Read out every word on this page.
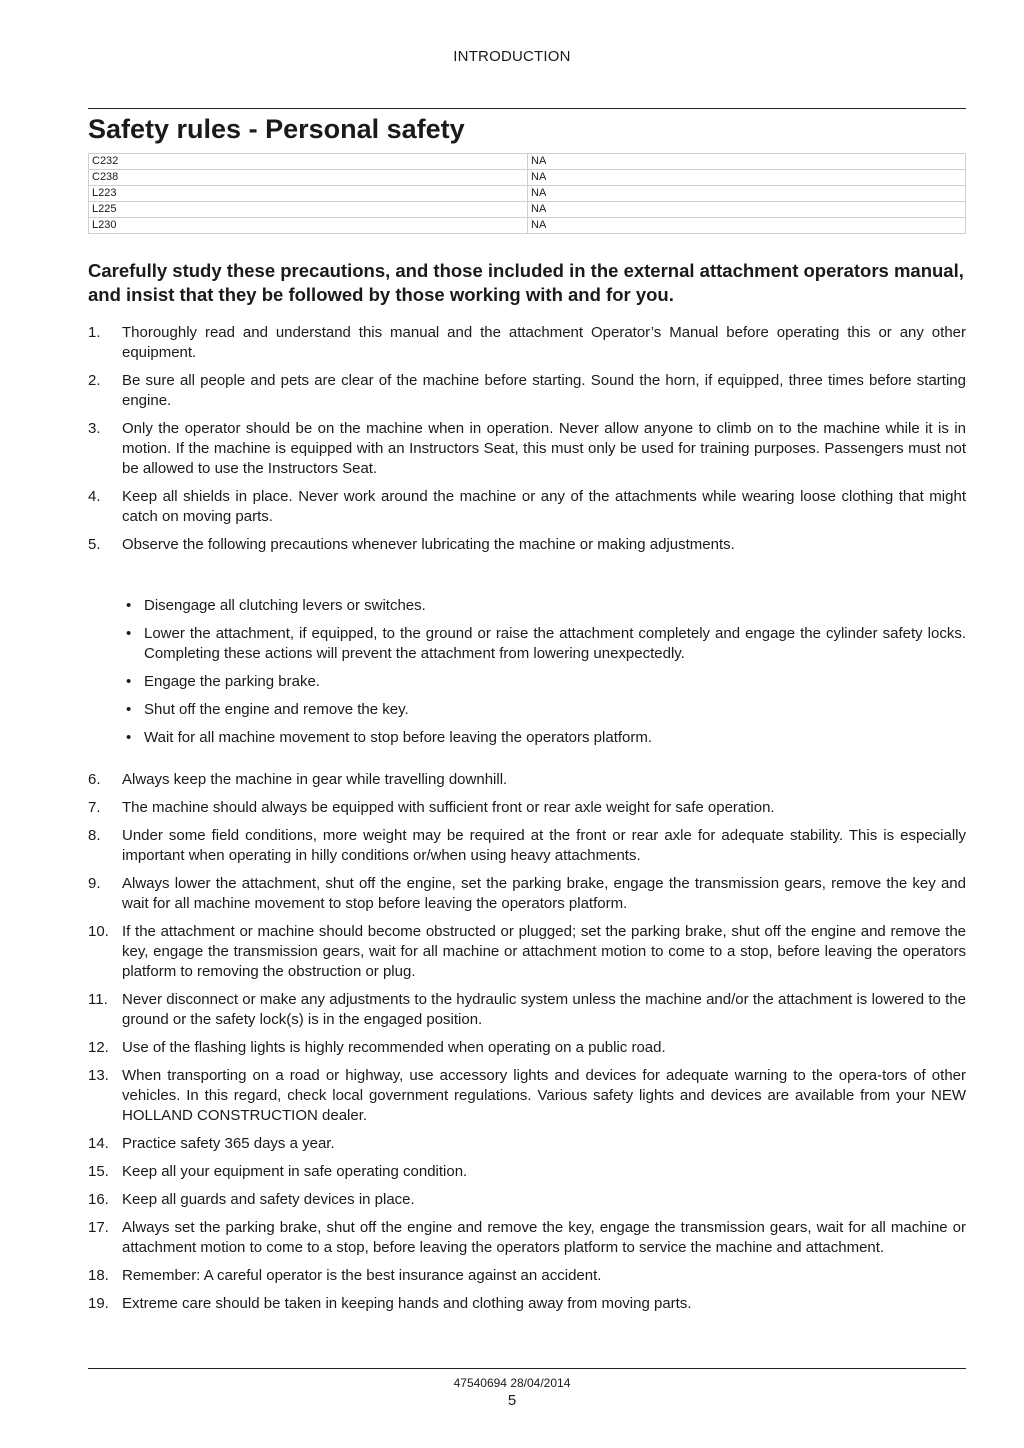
INTRODUCTION
Safety rules - Personal safety
C232	NA
C238	NA
L223	NA
L225	NA
L230	NA

Carefully study these precautions, and those included in the external attachment operators manual, and insist that they be followed by those working with and for you.

1. Thoroughly read and understand this manual and the attachment Operator’s Manual before operating this or any other equipment.
2. Be sure all people and pets are clear of the machine before starting. Sound the horn, if equipped, three times before starting engine.
3. Only the operator should be on the machine when in operation. Never allow anyone to climb on to the machine while it is in motion. If the machine is equipped with an Instructors Seat, this must only be used for training purposes. Passengers must not be allowed to use the Instructors Seat.
4. Keep all shields in place. Never work around the machine or any of the attachments while wearing loose clothing that might catch on moving parts.
5. Observe the following precautions whenever lubricating the machine or making adjustments.
• Disengage all clutching levers or switches.
• Lower the attachment, if equipped, to the ground or raise the attachment completely and engage the cylinder safety locks. Completing these actions will prevent the attachment from lowering unexpectedly.
• Engage the parking brake.
• Shut off the engine and remove the key.
• Wait for all machine movement to stop before leaving the operators platform.
6. Always keep the machine in gear while travelling downhill.
7. The machine should always be equipped with sufficient front or rear axle weight for safe operation.
8. Under some field conditions, more weight may be required at the front or rear axle for adequate stability. This is especially important when operating in hilly conditions or/when using heavy attachments.
9. Always lower the attachment, shut off the engine, set the parking brake, engage the transmission gears, remove the key and wait for all machine movement to stop before leaving the operators platform.
10. If the attachment or machine should become obstructed or plugged; set the parking brake, shut off the engine and remove the key, engage the transmission gears, wait for all machine or attachment motion to come to a stop, before leaving the operators platform to removing the obstruction or plug.
11. Never disconnect or make any adjustments to the hydraulic system unless the machine and/or the attachment is lowered to the ground or the safety lock(s) is in the engaged position.
12. Use of the flashing lights is highly recommended when operating on a public road.
13. When transporting on a road or highway, use accessory lights and devices for adequate warning to the opera-tors of other vehicles. In this regard, check local government regulations. Various safety lights and devices are available from your NEW HOLLAND CONSTRUCTION dealer.
14. Practice safety 365 days a year.
15. Keep all your equipment in safe operating condition.
16. Keep all guards and safety devices in place.
17. Always set the parking brake, shut off the engine and remove the key, engage the transmission gears, wait for all machine or attachment motion to come to a stop, before leaving the operators platform to service the machine and attachment.
18. Remember: A careful operator is the best insurance against an accident.
19. Extreme care should be taken in keeping hands and clothing away from moving parts.
47540694 28/04/2014
5
